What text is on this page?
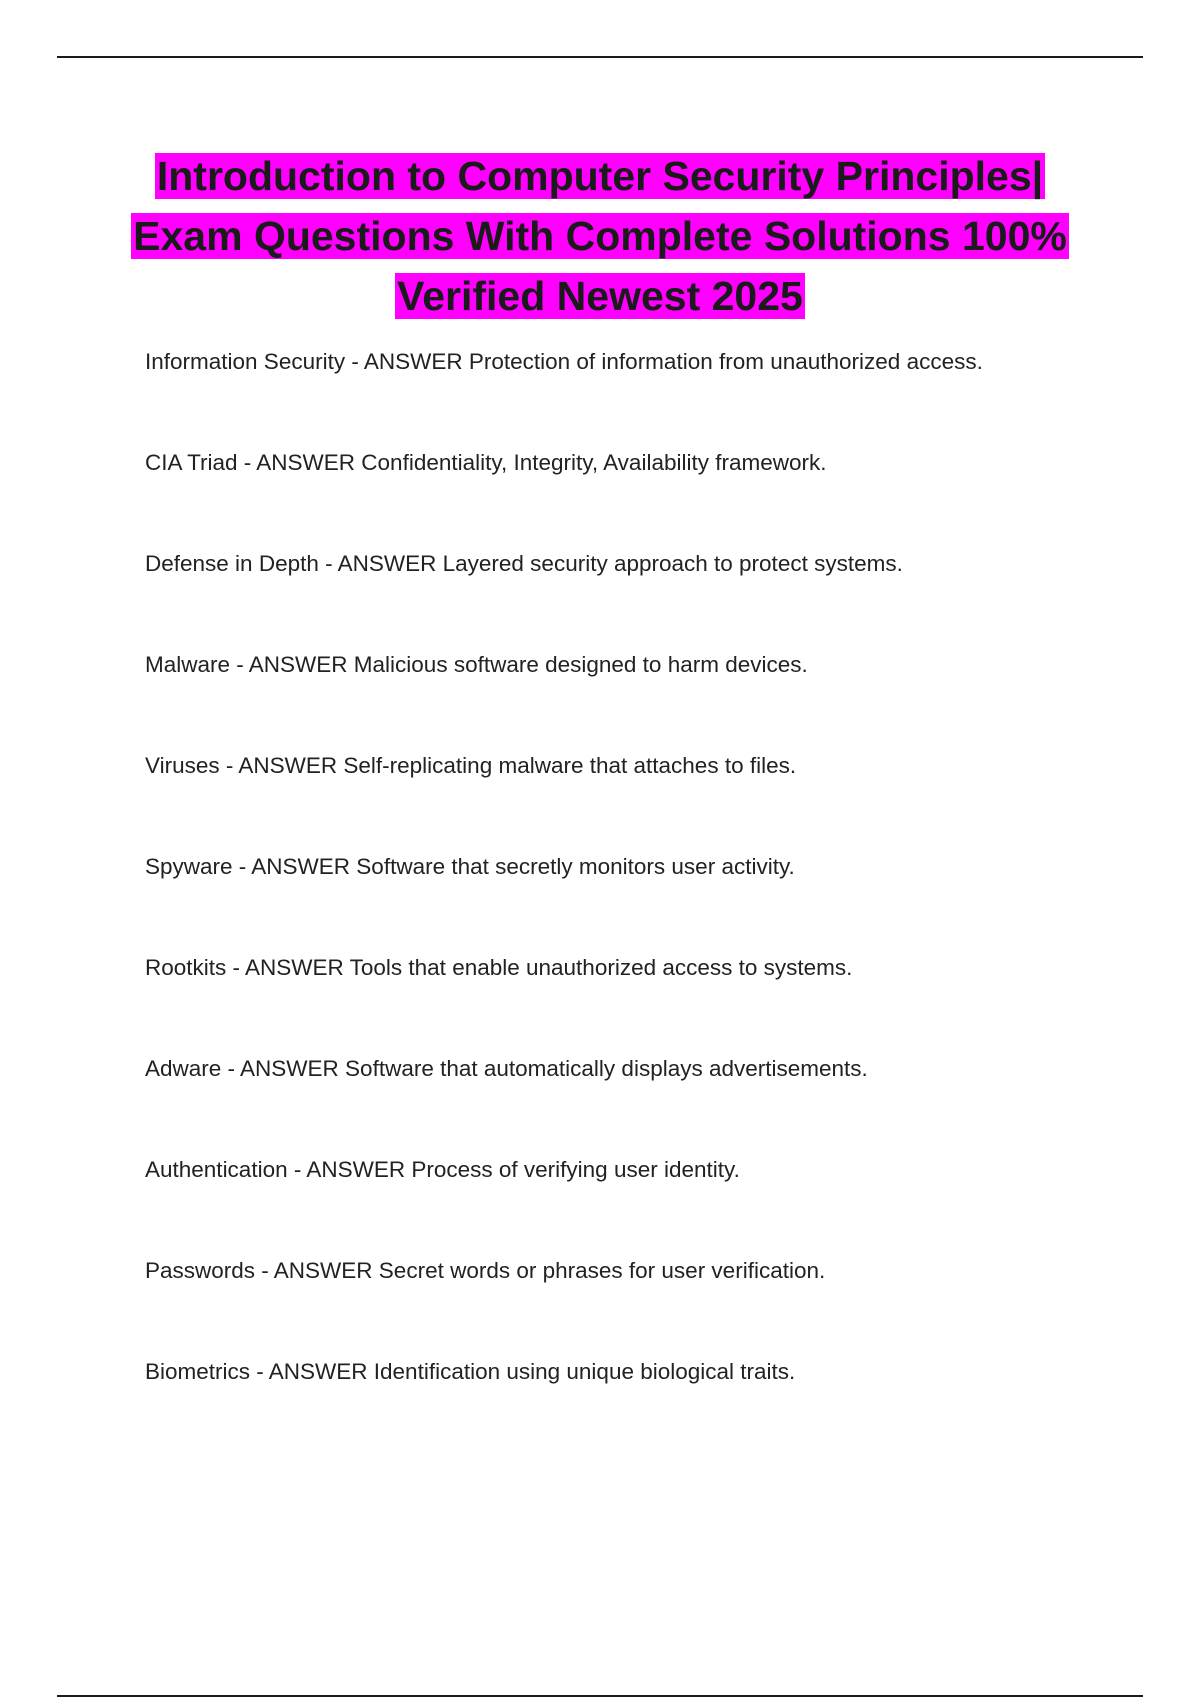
Introduction to Computer Security Principles|
Exam Questions With Complete Solutions 100%
Verified Newest 2025
Information Security - ANSWER Protection of information from unauthorized access.
CIA Triad - ANSWER Confidentiality, Integrity, Availability framework.
Defense in Depth - ANSWER Layered security approach to protect systems.
Malware - ANSWER Malicious software designed to harm devices.
Viruses - ANSWER Self-replicating malware that attaches to files.
Spyware - ANSWER Software that secretly monitors user activity.
Rootkits - ANSWER Tools that enable unauthorized access to systems.
Adware - ANSWER Software that automatically displays advertisements.
Authentication - ANSWER Process of verifying user identity.
Passwords - ANSWER Secret words or phrases for user verification.
Biometrics - ANSWER Identification using unique biological traits.
